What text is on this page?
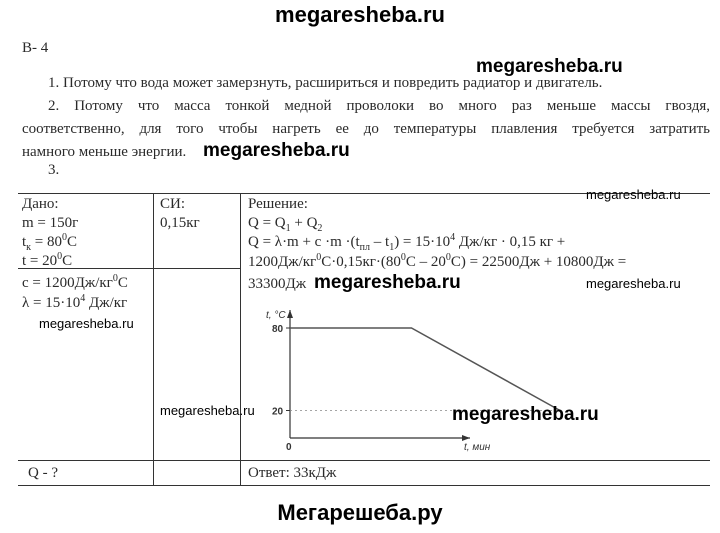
megaresheba.ru
Мегарешеба.ру
В- 4
1. Потому что вода может замерзнуть, расшириться и повредить радиатор и двигатель.
2. Потому что масса тонкой медной проволоки во много раз меньше массы гвоздя,
соответственно, для того чтобы нагреть ее до температуры плавления требуется затратить
намного меньше энергии.
3.
Дано:
m = 150г
$t_к = 80^0С$
$t = 20^0С$
$с = 1200Дж/кг^0С$
$\lambda = 15\cdot 10^4$ Дж/кг
Q - ?
СИ:
0,15кг
Решение:
$Q = Q_1 + Q_2$
$Q = \lambda\cdot m + c \cdot m \cdot(t_{пл} - t_1) = 15\cdot 10^4$ Дж/кг · 0,15 кг +
$1200Дж/кг^0С\cdot 0,15кг\cdot(80^0С - 20^0С) = 22500Дж + 10800Дж$ =
33300Дж
Ответ: 33кДж
t, °C
t, мин
20
80
0
megaresheba.ru
megaresheba.ru
megaresheba.ru
megaresheba.ru	megaresheba.ru
megaresheba.ru
megaresheba.ru	megaresheba.ru
